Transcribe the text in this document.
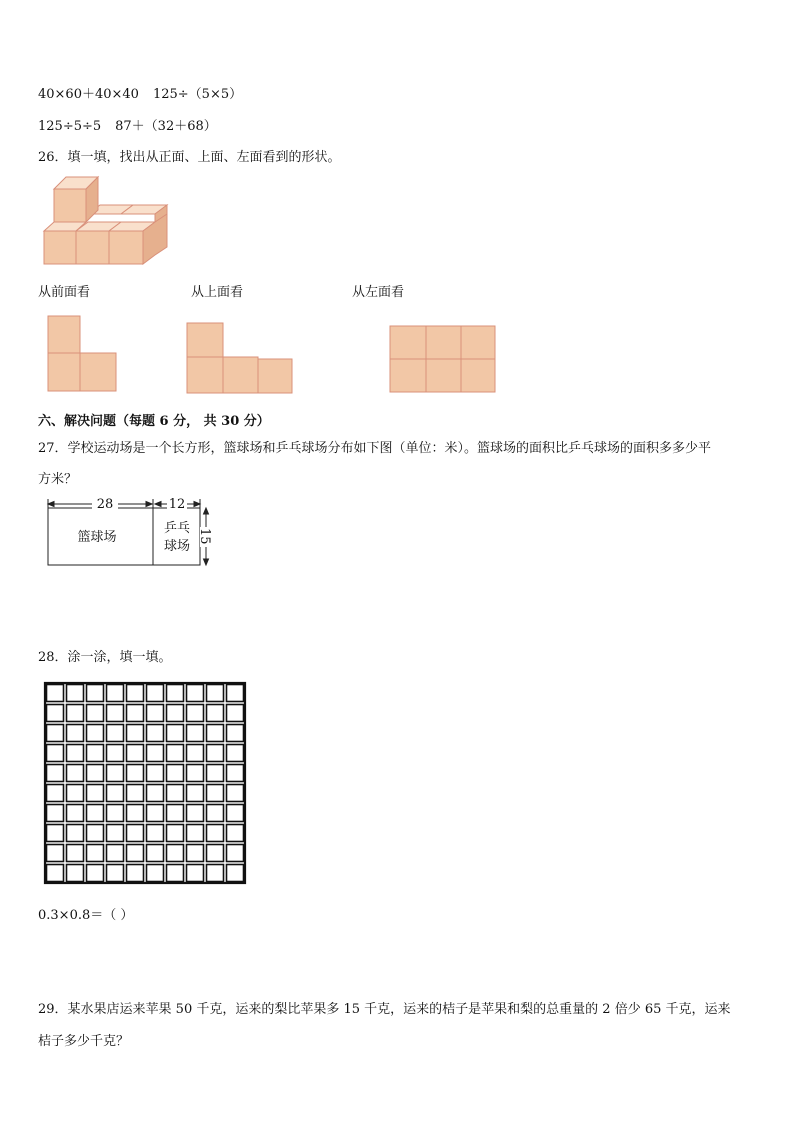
40×60＋40×40 125÷（5×5）
125÷5÷5 87＋（32＋68）
26．填一填，找出从正面、上面、左面看到的形状。
从前面看	从上面看	从左面看
六、解决问题（每题 6 分， 共 30 分）
27．学校运动场是一个长方形，篮球场和乒乓球场分布如下图（单位：米）。篮球场的面积比乒乓球场的面积多多少平
方米？
28	12
15
篮球场
乒乓
球场
28．涂一涂，填一填。
0.3×0.8＝（ ）
29．某水果店运来苹果 50 千克，运来的梨比苹果多 15 千克，运来的桔子是苹果和梨的总重量的 2 倍少 65 千克，运来
桔子多少千克？
